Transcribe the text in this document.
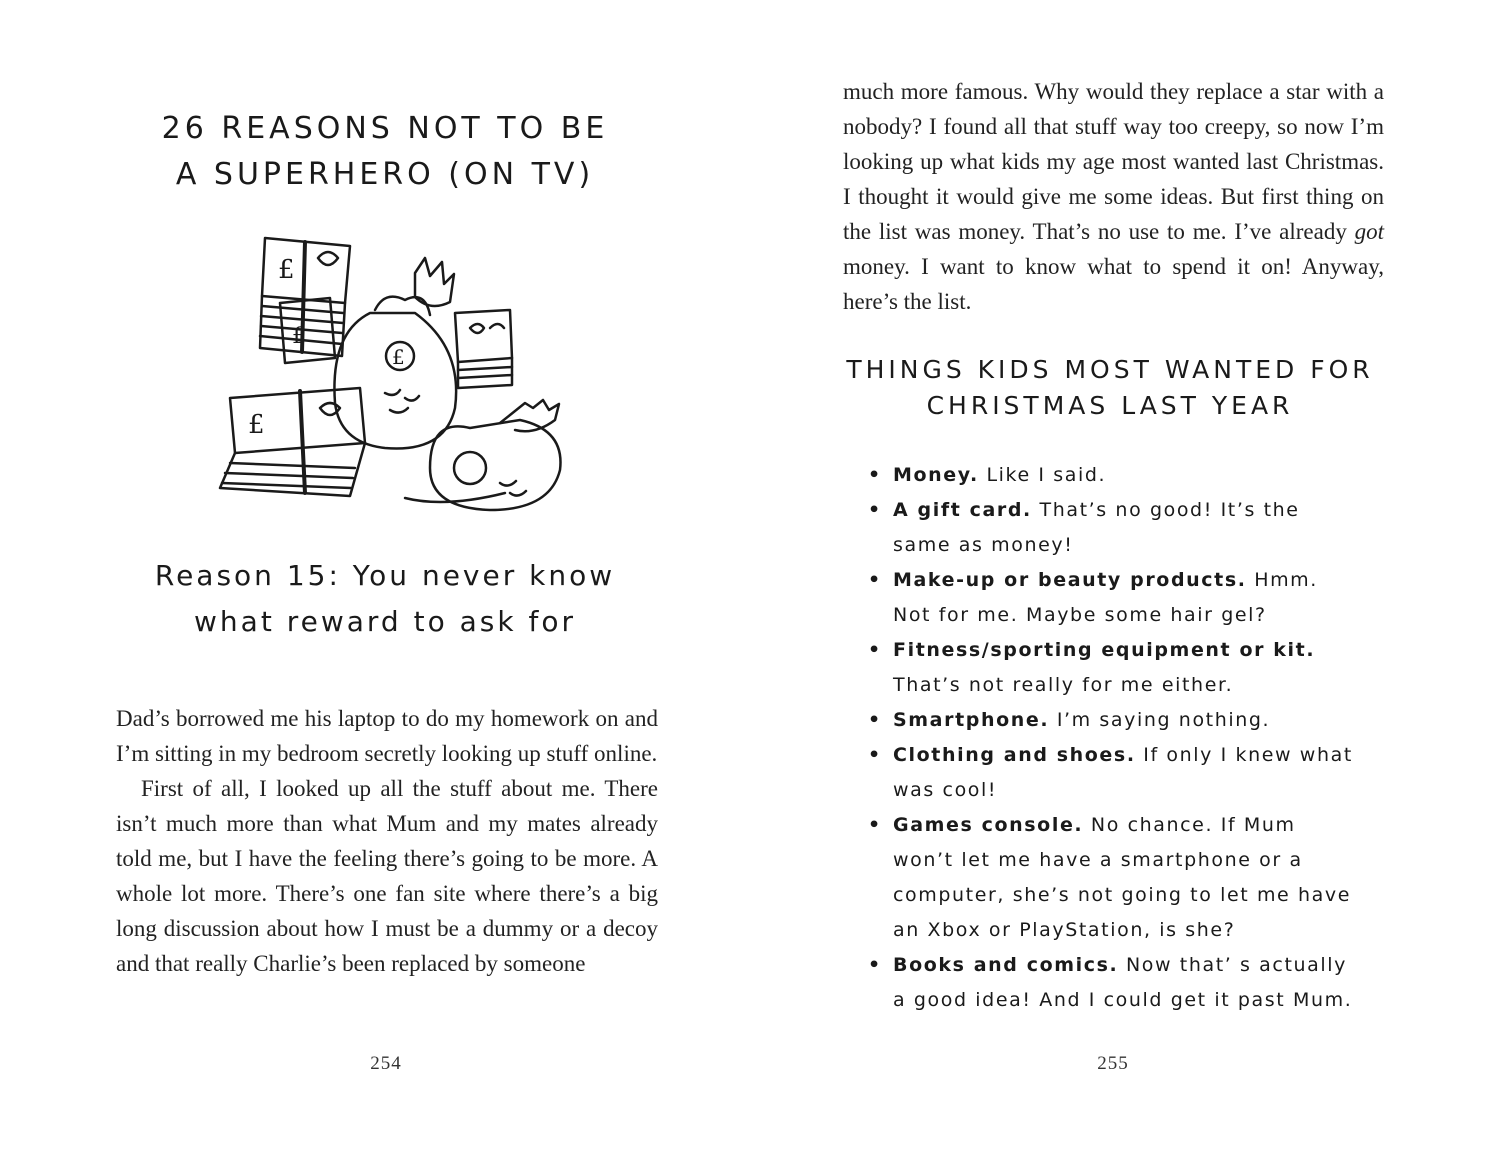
26 REASONS NOT TO BE
A SUPERHERO (ON TV)
£
£
£
£
Reason 15: You never know
what reward to ask for

Dad’s borrowed me his laptop to do my homework on and I’m sitting in my bedroom secretly looking up stuff online.

First of all, I looked up all the stuff about me. There isn’t much more than what Mum and my mates already told me, but I have the feeling there’s going to be more. A whole lot more. There’s one fan site where there’s a big long discussion about how I must be a dummy or a decoy and that really Charlie’s been replaced by someone

254

much more famous. Why would they replace a star with a nobody? I found all that stuff way too creepy, so now I’m looking up what kids my age most wanted last Christmas. I thought it would give me some ideas. But first thing on the list was money. That’s no use to me. I’ve already got money. I want to know what to spend it on! Anyway, here’s the list.

THINGS KIDS MOST WANTED FOR
CHRISTMAS LAST YEAR
• Money. Like I said.
• A gift card. That’s no good! It’s the same as money!
• Make-up or beauty products. Hmm. Not for me. Maybe some hair gel?
• Fitness/sporting equipment or kit. That’s not really for me either.
• Smartphone. I’m saying nothing.
• Clothing and shoes. If only I knew what was cool!
• Games console. No chance. If Mum won’t let me have a smartphone or a computer, she’s not going to let me have an Xbox or PlayStation, is she?
• Books and comics. Now that’ s actually a good idea! And I could get it past Mum.
255
